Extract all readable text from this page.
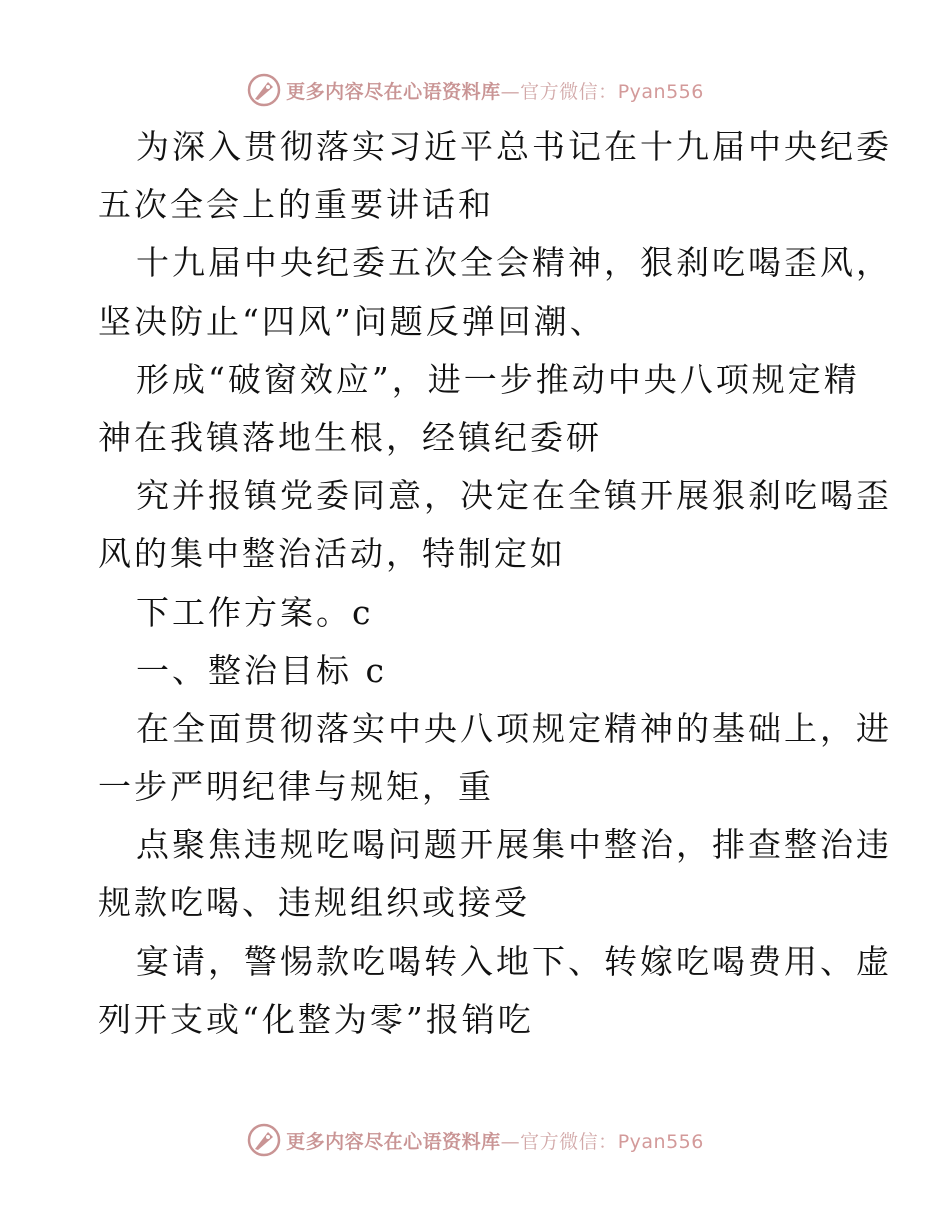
更多内容尽在心语资料库—官方微信：Pyan556
为深入贯彻落实习近平总书记在十九届中央纪委
五次全会上的重要讲话和
十九届中央纪委五次全会精神，狠刹吃喝歪风，
坚决防止“四风”问题反弹回潮、
形成“破窗效应”，进一步推动中央八项规定精
神在我镇落地生根，经镇纪委研
究并报镇党委同意，决定在全镇开展狠刹吃喝歪
风的集中整治活动，特制定如
下工作方案。c
一、整治目标 c
在全面贯彻落实中央八项规定精神的基础上，进
一步严明纪律与规矩，重
点聚焦违规吃喝问题开展集中整治，排查整治违
规款吃喝、违规组织或接受
宴请，警惕款吃喝转入地下、转嫁吃喝费用、虚
列开支或“化整为零”报销吃
更多内容尽在心语资料库—官方微信：Pyan556
